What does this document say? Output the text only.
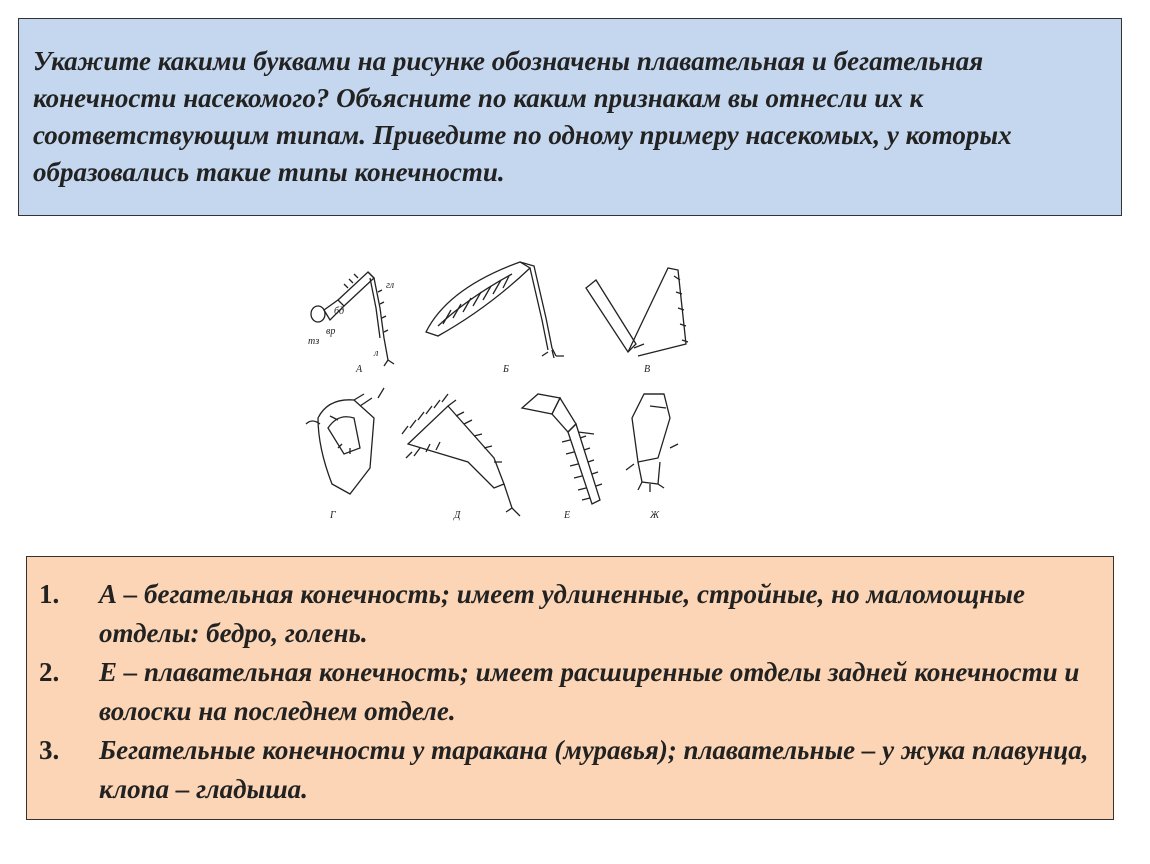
Укажите какими буквами на рисунке обозначены плавательная и бегательная конечности насекомого? Объясните по каким признакам вы отнесли их к соответствующим типам. Приведите по одному примеру насекомых, у которых образовались такие типы конечности.

гл
бд
вр
тз
л
Б	В
А
Г	Д	Е	Ж
1. А – бегательная конечность; имеет удлиненные, стройные, но маломощные отделы: бедро, голень.
2. Е – плавательная конечность; имеет расширенные отделы задней конечности и волоски на последнем отделе.
3. Бегательные конечности у таракана (муравья); плавательные – у жука плавунца, клопа – гладыша.
